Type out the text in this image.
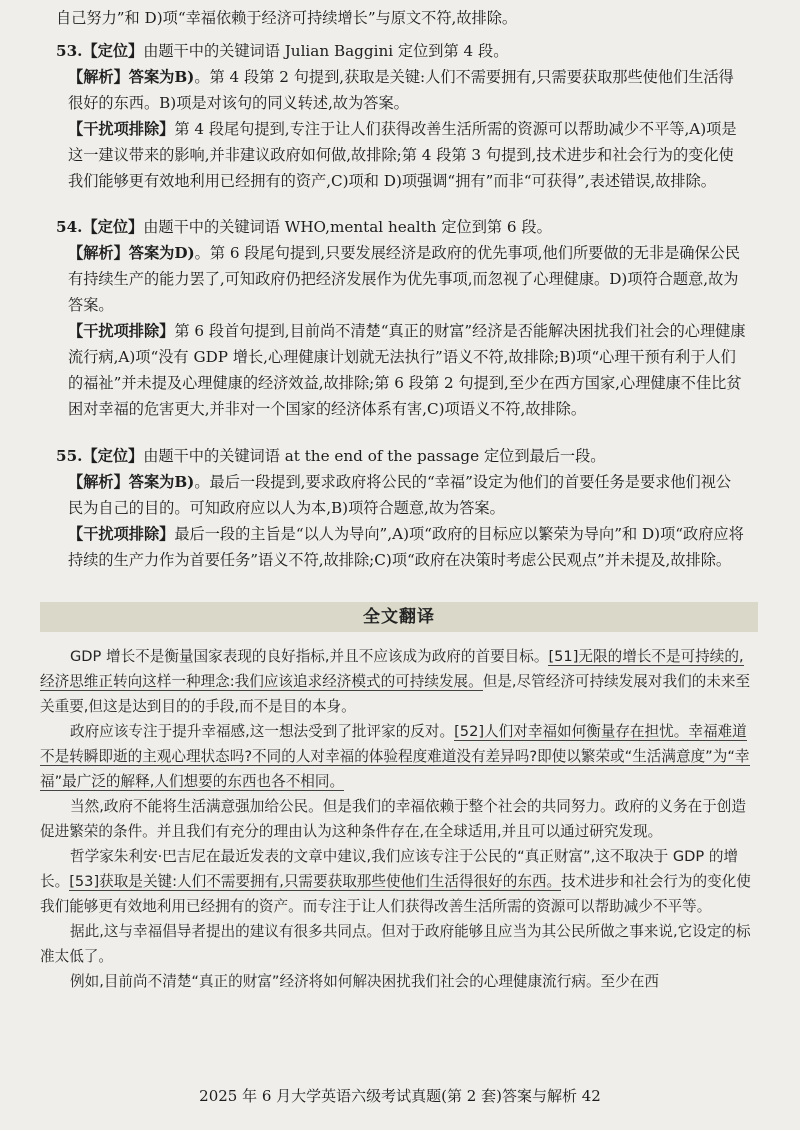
自己努力”和 D)项“幸福依赖于经济可持续增长”与原文不符,故排除。
53.【定位】由题干中的关键词语 Julian Baggini 定位到第 4 段。
【解析】答案为B)。第 4 段第 2 句提到,获取是关键:人们不需要拥有,只需要获取那些使他们生活得很好的东西。B)项是对该句的同义转述,故为答案。
【干扰项排除】第 4 段尾句提到,专注于让人们获得改善生活所需的资源可以帮助减少不平等,A)项是这一建议带来的影响,并非建议政府如何做,故排除;第 4 段第 3 句提到,技术进步和社会行为的变化使我们能够更有效地利用已经拥有的资产,C)项和 D)项强调“拥有”而非“可获得”,表述错误,故排除。
54.【定位】由题干中的关键词语 WHO,mental health 定位到第 6 段。
【解析】答案为D)。第 6 段尾句提到,只要发展经济是政府的优先事项,他们所要做的无非是确保公民有持续生产的能力罢了,可知政府仍把经济发展作为优先事项,而忽视了心理健康。D)项符合题意,故为答案。
【干扰项排除】第 6 段首句提到,目前尚不清楚“真正的财富”经济是否能解决困扰我们社会的心理健康流行病,A)项“没有 GDP 增长,心理健康计划就无法执行”语义不符,故排除;B)项“心理干预有利于人们的福祉”并未提及心理健康的经济效益,故排除;第 6 段第 2 句提到,至少在西方国家,心理健康不佳比贫困对幸福的危害更大,并非对一个国家的经济体系有害,C)项语义不符,故排除。
55.【定位】由题干中的关键词语 at the end of the passage 定位到最后一段。
【解析】答案为B)。最后一段提到,要求政府将公民的“幸福”设定为他们的首要任务是要求他们视公民为自己的目的。可知政府应以人为本,B)项符合题意,故为答案。
【干扰项排除】最后一段的主旨是“以人为导向”,A)项“政府的目标应以繁荣为导向”和 D)项“政府应将持续的生产力作为首要任务”语义不符,故排除;C)项“政府在决策时考虑公民观点”并未提及,故排除。
全文翻译

GDP 增长不是衡量国家表现的良好指标,并且不应该成为政府的首要目标。[51]无限的增长不是可持续的,经济思维正转向这样一种理念:我们应该追求经济模式的可持续发展。但是,尽管经济可持续发展对我们的未来至关重要,但这是达到目的的手段,而不是目的本身。

政府应该专注于提升幸福感,这一想法受到了批评家的反对。[52]人们对幸福如何衡量存在担忧。幸福难道不是转瞬即逝的主观心理状态吗?不同的人对幸福的体验程度难道没有差异吗?即使以繁荣或“生活满意度”为“幸福”最广泛的解释,人们想要的东西也各不相同。

当然,政府不能将生活满意强加给公民。但是我们的幸福依赖于整个社会的共同努力。政府的义务在于创造促进繁荣的条件。并且我们有充分的理由认为这种条件存在,在全球适用,并且可以通过研究发现。

哲学家朱利安·巴吉尼在最近发表的文章中建议,我们应该专注于公民的“真正财富”,这不取决于 GDP 的增长。[53]获取是关键:人们不需要拥有,只需要获取那些使他们生活得很好的东西。技术进步和社会行为的变化使我们能够更有效地利用已经拥有的资产。而专注于让人们获得改善生活所需的资源可以帮助减少不平等。

据此,这与幸福倡导者提出的建议有很多共同点。但对于政府能够且应当为其公民所做之事来说,它设定的标准太低了。

例如,目前尚不清楚“真正的财富”经济将如何解决困扰我们社会的心理健康流行病。至少在西

2025 年 6 月大学英语六级考试真题(第 2 套)答案与解析 42
